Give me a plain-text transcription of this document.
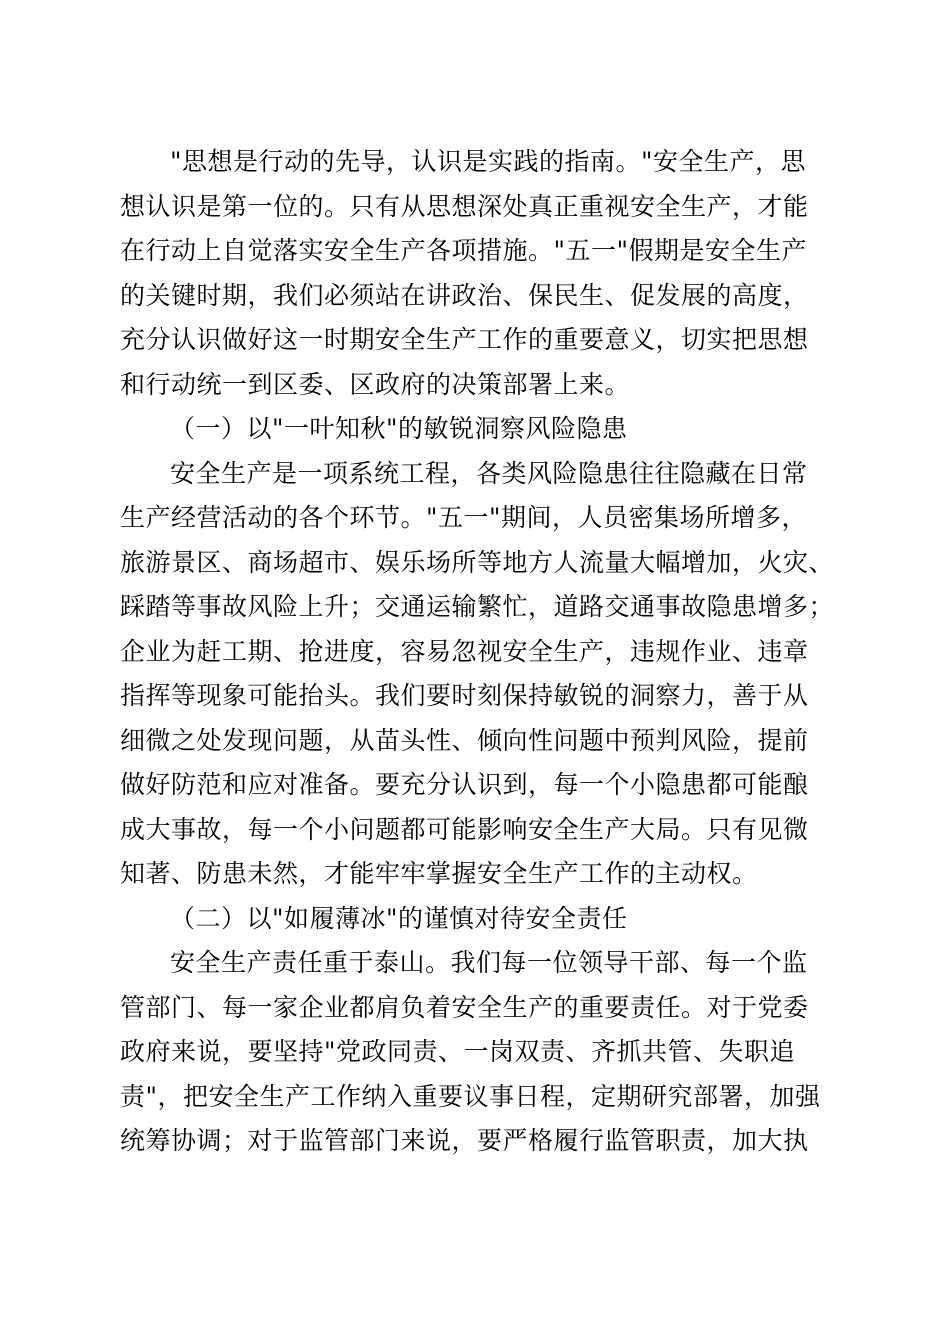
"思想是行动的先导，认识是实践的指南。"安全生产，思
想认识是第一位的。只有从思想深处真正重视安全生产，才能
在行动上自觉落实安全生产各项措施。"五一"假期是安全生产
的关键时期，我们必须站在讲政治、保民生、促发展的高度，
充分认识做好这一时期安全生产工作的重要意义，切实把思想
和行动统一到区委、区政府的决策部署上来。
（一）以"一叶知秋"的敏锐洞察风险隐患
安全生产是一项系统工程，各类风险隐患往往隐藏在日常
生产经营活动的各个环节。"五一"期间，人员密集场所增多，
旅游景区、商场超市、娱乐场所等地方人流量大幅增加，火灾、
踩踏等事故风险上升；交通运输繁忙，道路交通事故隐患增多；
企业为赶工期、抢进度，容易忽视安全生产，违规作业、违章
指挥等现象可能抬头。我们要时刻保持敏锐的洞察力，善于从
细微之处发现问题，从苗头性、倾向性问题中预判风险，提前
做好防范和应对准备。要充分认识到，每一个小隐患都可能酿
成大事故，每一个小问题都可能影响安全生产大局。只有见微
知著、防患未然，才能牢牢掌握安全生产工作的主动权。
（二）以"如履薄冰"的谨慎对待安全责任
安全生产责任重于泰山。我们每一位领导干部、每一个监
管部门、每一家企业都肩负着安全生产的重要责任。对于党委
政府来说，要坚持"党政同责、一岗双责、齐抓共管、失职追
责"，把安全生产工作纳入重要议事日程，定期研究部署，加强
统筹协调；对于监管部门来说，要严格履行监管职责，加大执
